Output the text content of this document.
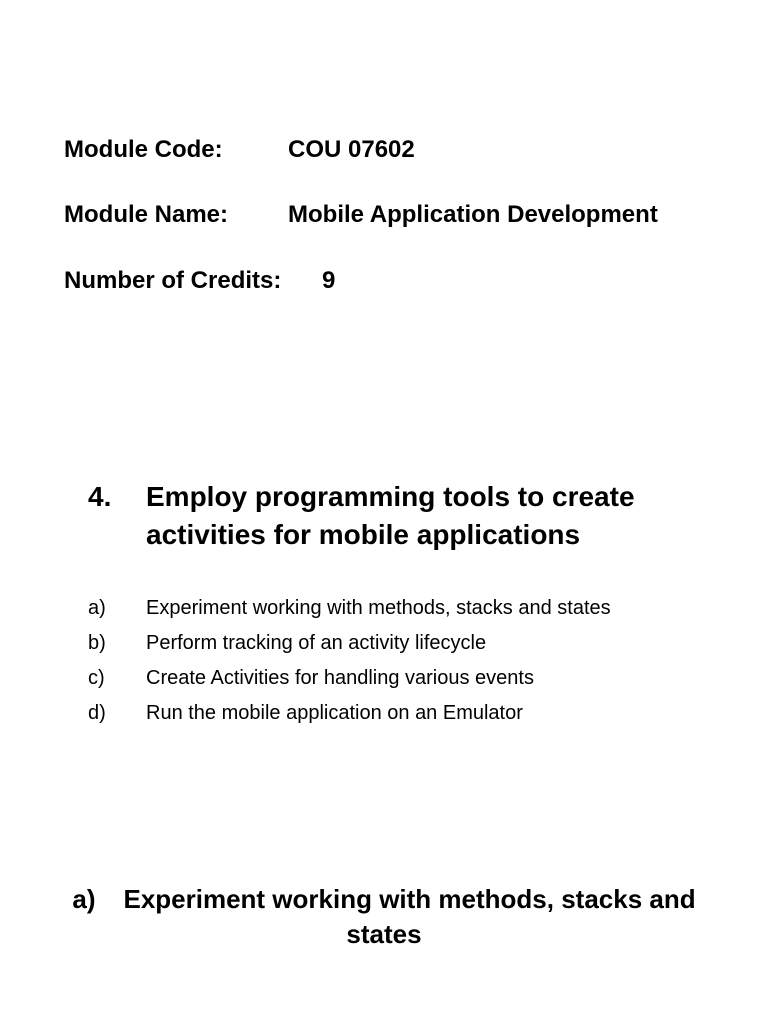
Module Code:	COU 07602
Module Name: Mobile Application Development
Number of Credits: 9
4. Employ programming tools to create activities for mobile applications
a) Experiment working with methods, stacks and states
b) Perform tracking of an activity lifecycle
c) Create Activities for handling various events
d) Run the mobile application on an Emulator
a) Experiment working with methods, stacks and states
